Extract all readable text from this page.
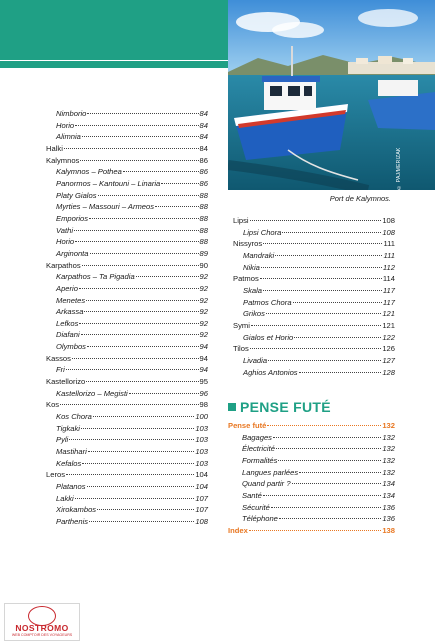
© PAJ/MERIZAK
Port de Kalymnos.
Nimborio	84
Horio	84
Alimnia	84
Halki	84
Kalymnos	86
Kalymnos – Pothea	86
Panormos – Kantouni – Linaria	86
Platy Gialos	88
Myrties – Massouri – Armeos	88
Emporios	88
Vathi	88
Horio	88
Arginonta	89
Karpathos	90
Karpathos – Ta Pigadia	92
Aperio	92
Menetes	92
Arkassa	92
Lefkos	92
Diafani	92
Olymbos	94
Kassos	94
Fri	94
Kastellorizo	95
Kastellorizo – Megisti	96
Kos	98
Kos Chora	100
Tigkaki	103
Pyli	103
Mastihari	103
Kefalos	103
Leros	104
Platanos	104
Lakki	107
Xirokambos	107
Parthenis	108
Lipsi	108
Lipsi Chora	108
Nissyros	111
Mandraki	111
Nikia	112
Patmos	114
Skala	117
Patmos Chora	117
Grikos	121
Symi	121
Gialos et Horio	122
Tilos	126
Livadia	127
Aghios Antonios	128
PENSE FUTÉ
Pense futé	132
Bagages	132
Électricité	132
Formalités	132
Langues parlées	132
Quand partir ?	134
Santé	134
Sécurité	136
Téléphone	136
Index	138
NOSTROMO
WEB COMPTOIR DES VOYAGEURS
